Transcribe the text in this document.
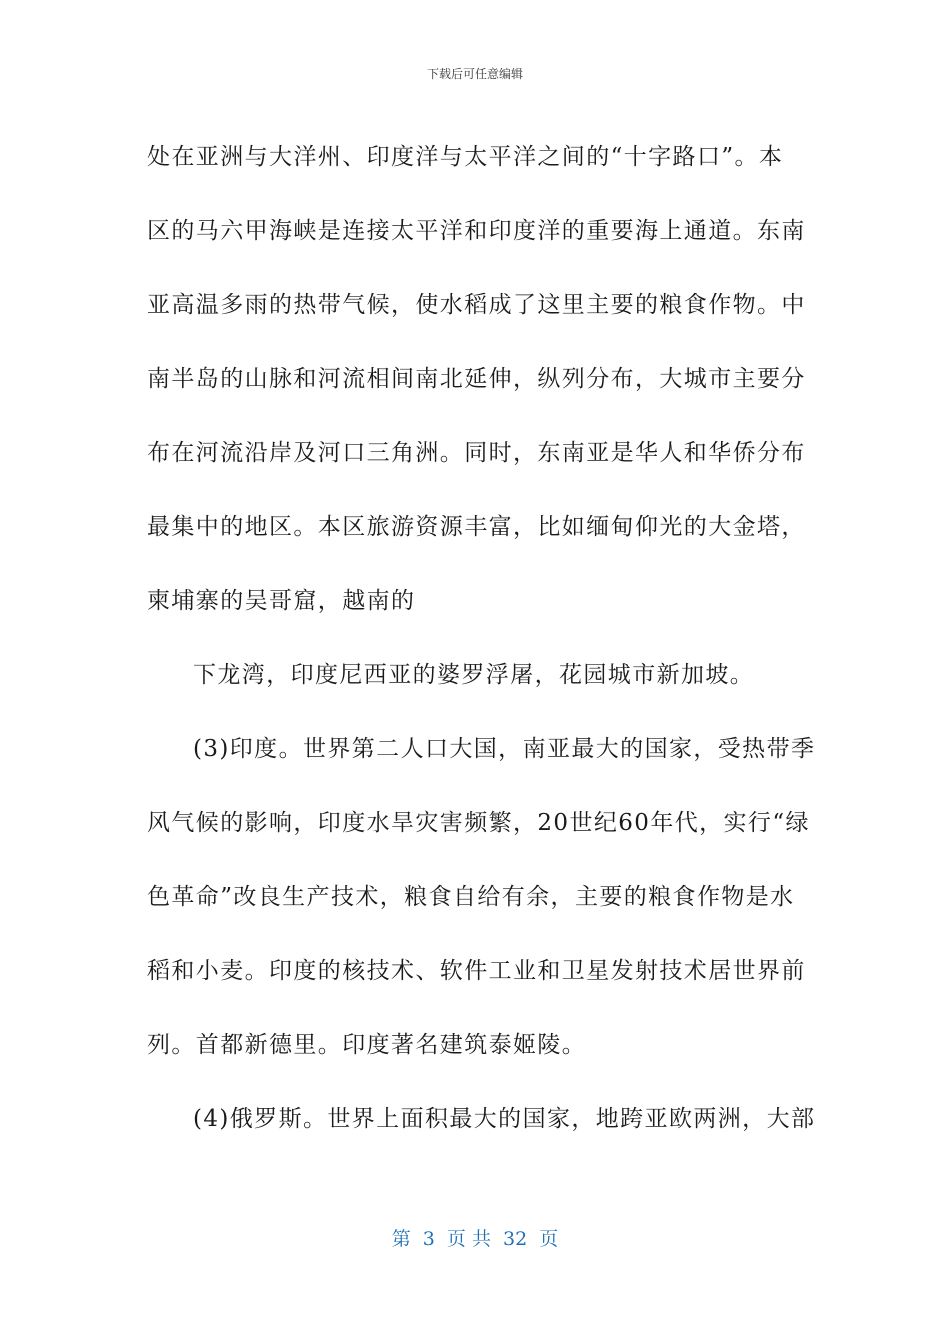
下载后可任意编辑
处在亚洲与大洋州、印度洋与太平洋之间的“十字路口”。本
区的马六甲海峡是连接太平洋和印度洋的重要海上通道。东南
亚高温多雨的热带气候，使水稻成了这里主要的粮食作物。中
南半岛的山脉和河流相间南北延伸，纵列分布，大城市主要分
布在河流沿岸及河口三角洲。同时，东南亚是华人和华侨分布
最集中的地区。本区旅游资源丰富，比如缅甸仰光的大金塔，
柬埔寨的吴哥窟，越南的
下龙湾，印度尼西亚的婆罗浮屠，花园城市新加坡。
(3)印度。世界第二人口大国，南亚最大的国家，受热带季
风气候的影响，印度水旱灾害频繁，20世纪60年代，实行“绿
色革命”改良生产技术，粮食自给有余，主要的粮食作物是水
稻和小麦。印度的核技术、软件工业和卫星发射技术居世界前
列。首都新德里。印度著名建筑泰姬陵。
(4)俄罗斯。世界上面积最大的国家，地跨亚欧两洲，大部
第  3  页 共  32  页
